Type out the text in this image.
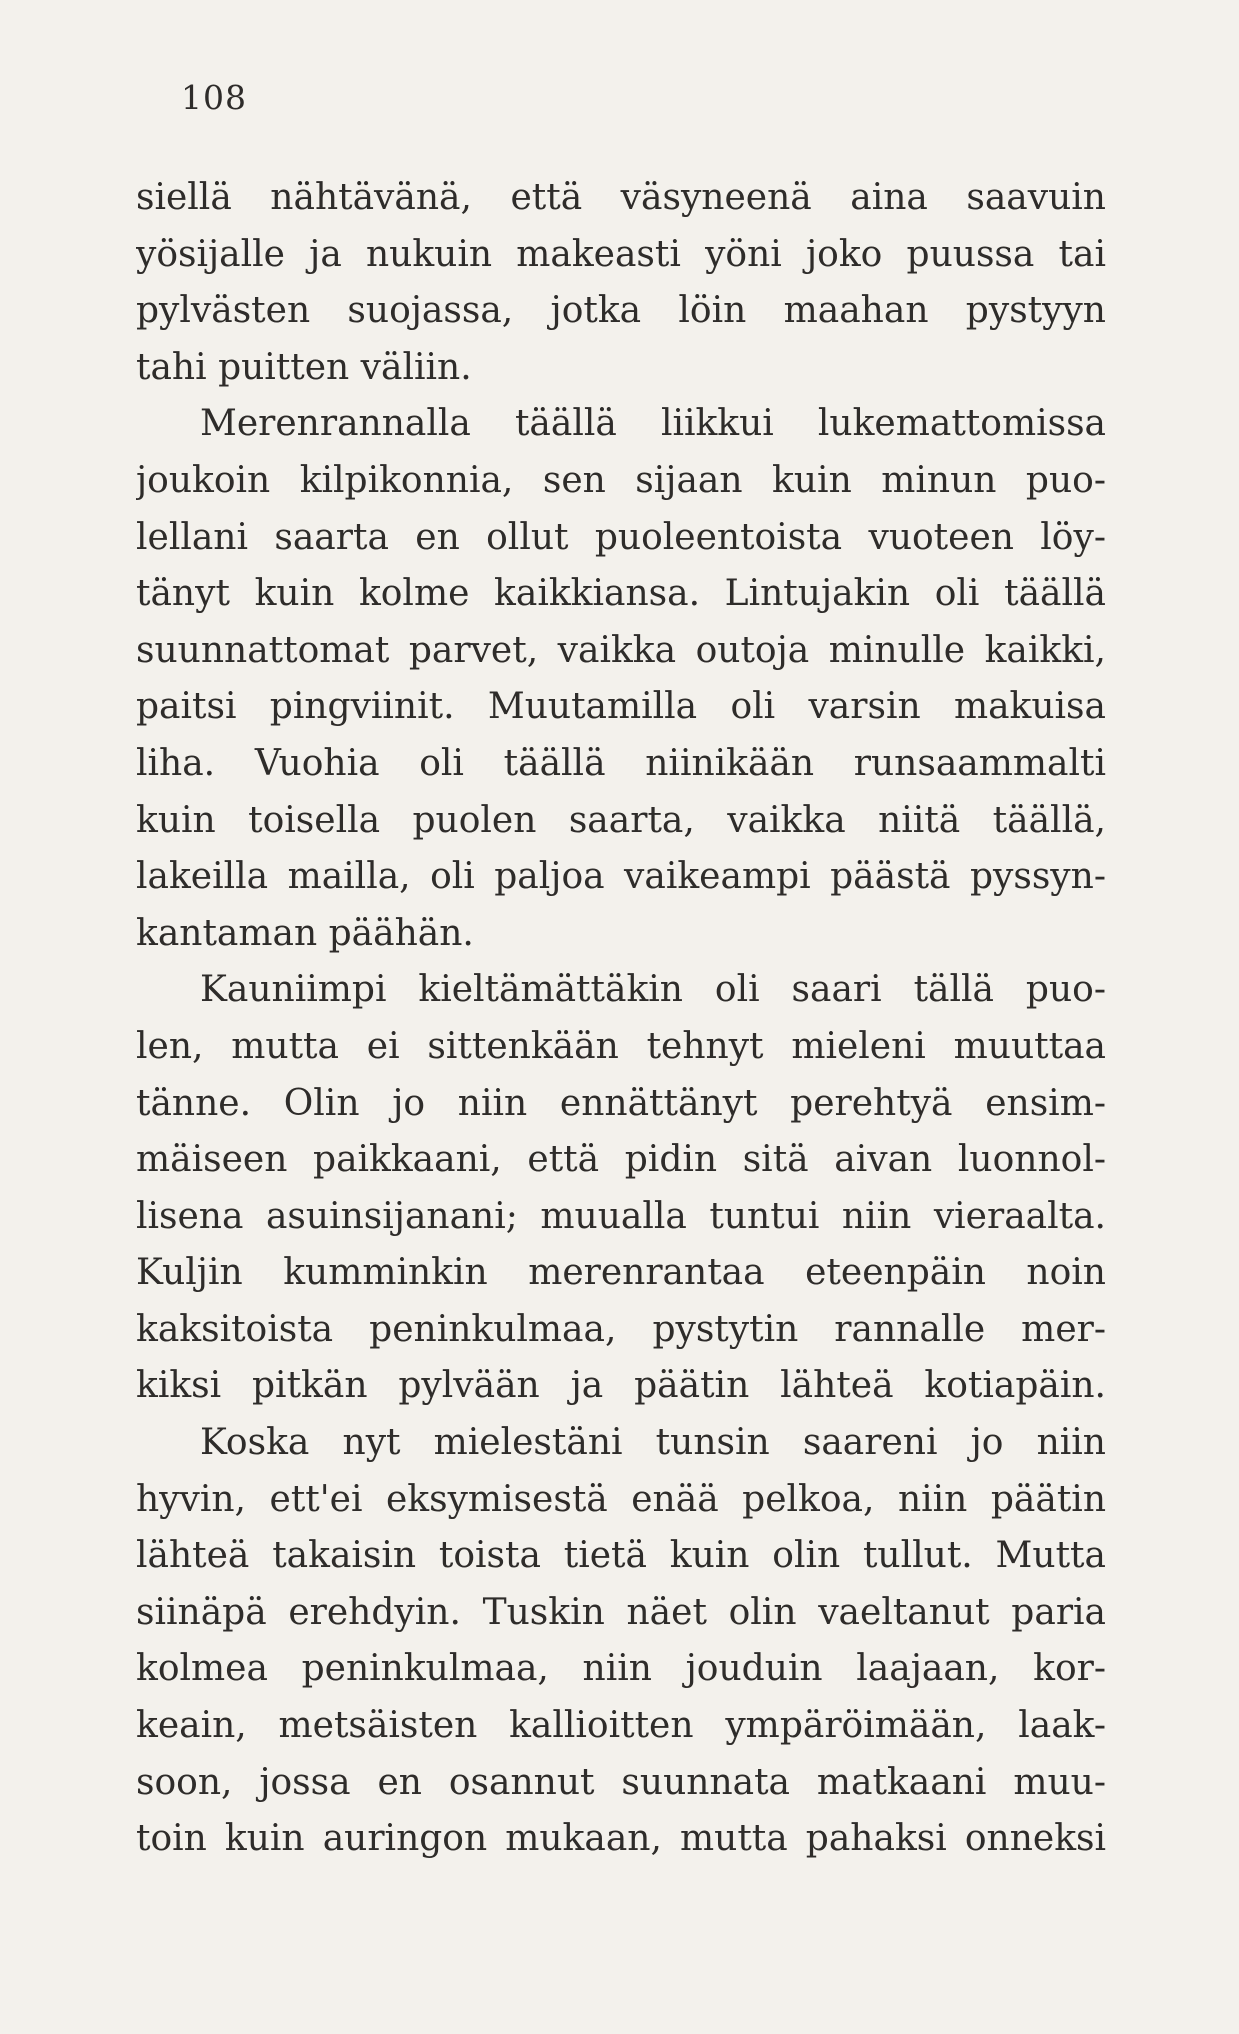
108
siellä nähtävänä, että väsyneenä aina saavuin
yösijalle ja nukuin makeasti yöni joko puussa tai
pylvästen suojassa, jotka löin maahan pystyyn
tahi puitten väliin.
Merenrannalla täällä liikkui lukemattomissa
joukoin kilpikonnia, sen sijaan kuin minun puo-
lellani saarta en ollut puoleentoista vuoteen löy-
tänyt kuin kolme kaikkiansa. Lintujakin oli täällä
suunnattomat parvet, vaikka outoja minulle kaikki,
paitsi pingviinit. Muutamilla oli varsin makuisa
liha. Vuohia oli täällä niinikään runsaammalti
kuin toisella puolen saarta, vaikka niitä täällä,
lakeilla mailla, oli paljoa vaikeampi päästä pyssyn-
kantaman päähän.
Kauniimpi kieltämättäkin oli saari tällä puo-
len, mutta ei sittenkään tehnyt mieleni muuttaa
tänne. Olin jo niin ennättänyt perehtyä ensim-
mäiseen paikkaani, että pidin sitä aivan luonnol-
lisena asuinsijanani; muualla tuntui niin vieraalta.
Kuljin kumminkin merenrantaa eteenpäin noin
kaksitoista peninkulmaa, pystytin rannalle mer-
kiksi pitkän pylvään ja päätin lähteä kotiapäin.
Koska nyt mielestäni tunsin saareni jo niin
hyvin, ett'ei eksymisestä enää pelkoa, niin päätin
lähteä takaisin toista tietä kuin olin tullut. Mutta
siinäpä erehdyin. Tuskin näet olin vaeltanut paria
kolmea peninkulmaa, niin jouduin laajaan, kor-
keain, metsäisten kallioitten ympäröimään, laak-
soon, jossa en osannut suunnata matkaani muu-
toin kuin auringon mukaan, mutta pahaksi onneksi
